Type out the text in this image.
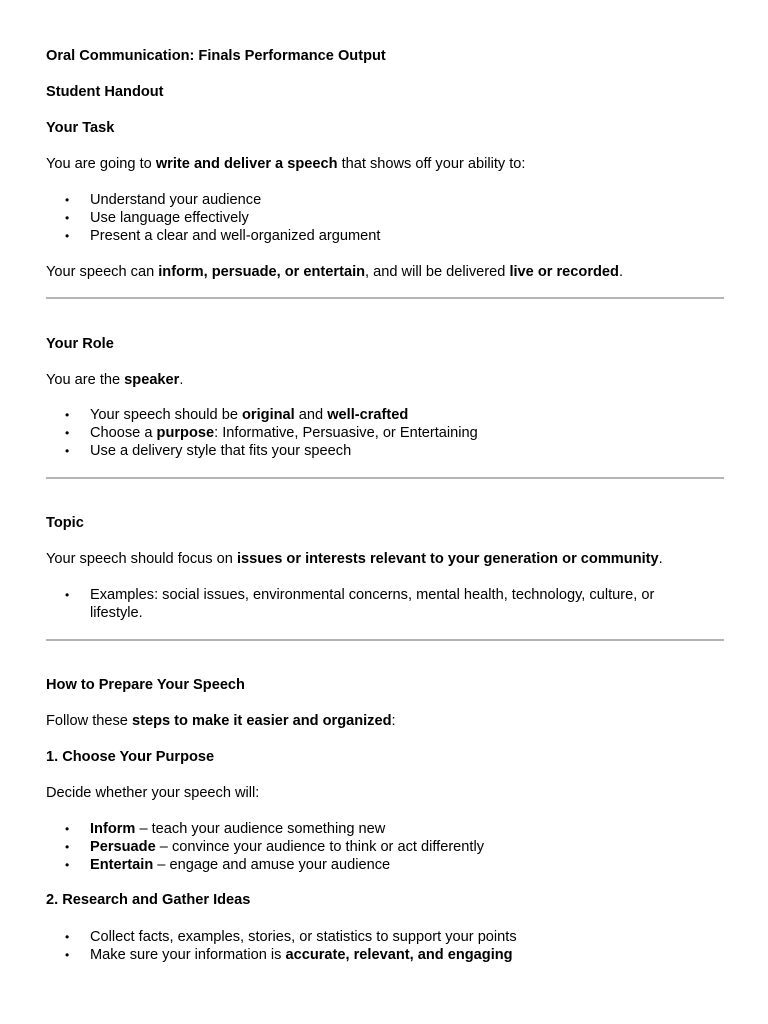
Oral Communication: Finals Performance Output
Student Handout
Your Task
You are going to write and deliver a speech that shows off your ability to:
•	Understand your audience
•	Use language effectively
•	Present a clear and well-organized argument
Your speech can inform, persuade, or entertain, and will be delivered live or recorded.
Your Role
You are the speaker.
•	Your speech should be original and well-crafted
•	Choose a purpose: Informative, Persuasive, or Entertaining
•	Use a delivery style that fits your speech
Topic
Your speech should focus on issues or interests relevant to your generation or community.
•	Examples: social issues, environmental concerns, mental health, technology, culture, or lifestyle.
How to Prepare Your Speech
Follow these steps to make it easier and organized:
1. Choose Your Purpose
Decide whether your speech will:
•	Inform – teach your audience something new
•	Persuade – convince your audience to think or act differently
•	Entertain – engage and amuse your audience
2. Research and Gather Ideas
•	Collect facts, examples, stories, or statistics to support your points
•	Make sure your information is accurate, relevant, and engaging
